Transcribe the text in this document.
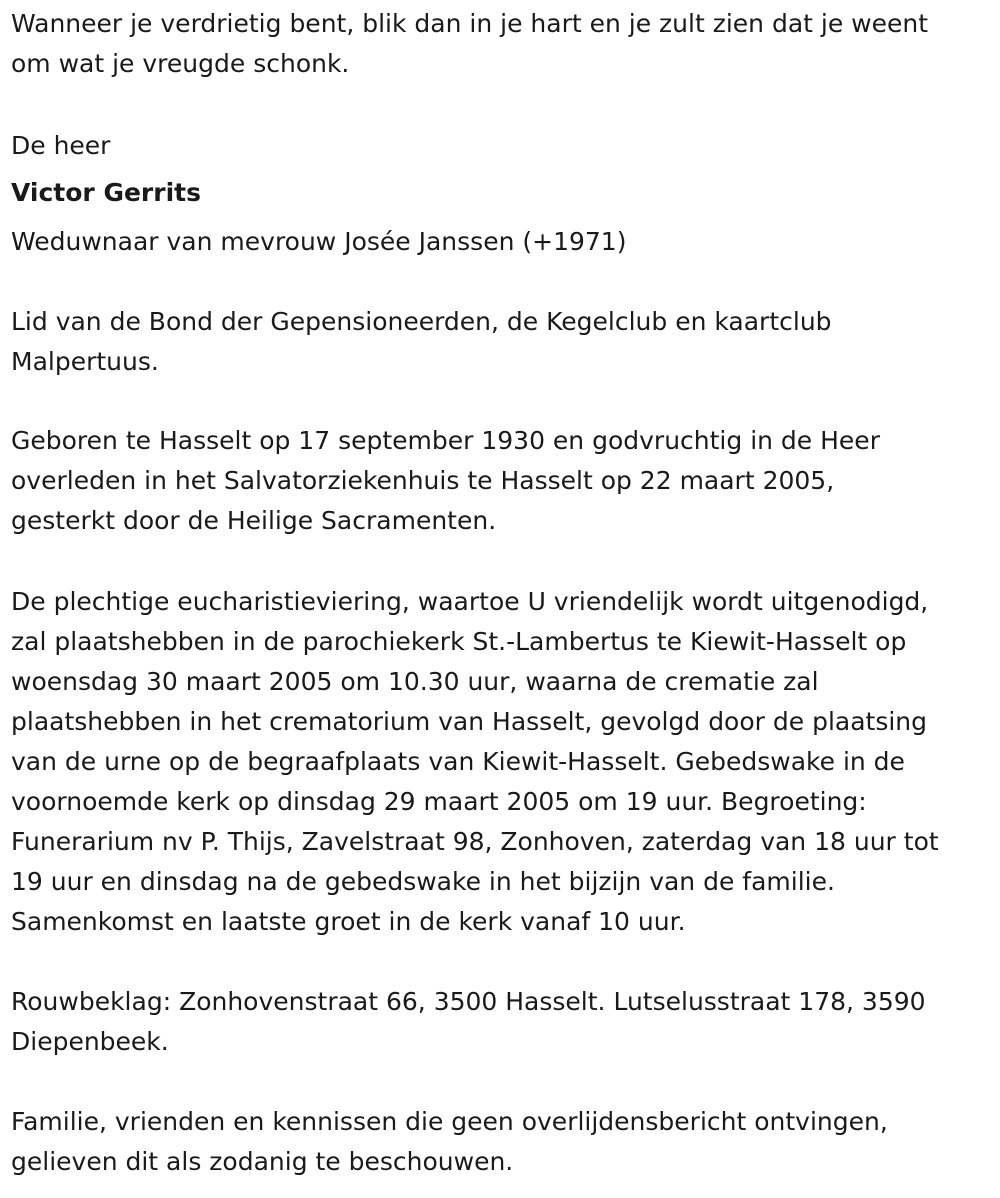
Wanneer je verdrietig bent, blik dan in je hart en je zult zien dat je weent
om wat je vreugde schonk.

De heer

Victor Gerrits

Weduwnaar van mevrouw Josée Janssen (+1971)

Lid van de Bond der Gepensioneerden, de Kegelclub en kaartclub
Malpertuus.

Geboren te Hasselt op 17 september 1930 en godvruchtig in de Heer
overleden in het Salvatorziekenhuis te Hasselt op 22 maart 2005,
gesterkt door de Heilige Sacramenten.

De plechtige eucharistieviering, waartoe U vriendelijk wordt uitgenodigd,
zal plaatshebben in de parochiekerk St.-Lambertus te Kiewit-Hasselt op
woensdag 30 maart 2005 om 10.30 uur, waarna de crematie zal
plaatshebben in het crematorium van Hasselt, gevolgd door de plaatsing
van de urne op de begraafplaats van Kiewit-Hasselt. Gebedswake in de
voornoemde kerk op dinsdag 29 maart 2005 om 19 uur. Begroeting:
Funerarium nv P. Thijs, Zavelstraat 98, Zonhoven, zaterdag van 18 uur tot
19 uur en dinsdag na de gebedswake in het bijzijn van de familie.
Samenkomst en laatste groet in de kerk vanaf 10 uur.

Rouwbeklag: Zonhovenstraat 66, 3500 Hasselt. Lutselusstraat 178, 3590
Diepenbeek.

Familie, vrienden en kennissen die geen overlijdensbericht ontvingen,
gelieven dit als zodanig te beschouwen.
